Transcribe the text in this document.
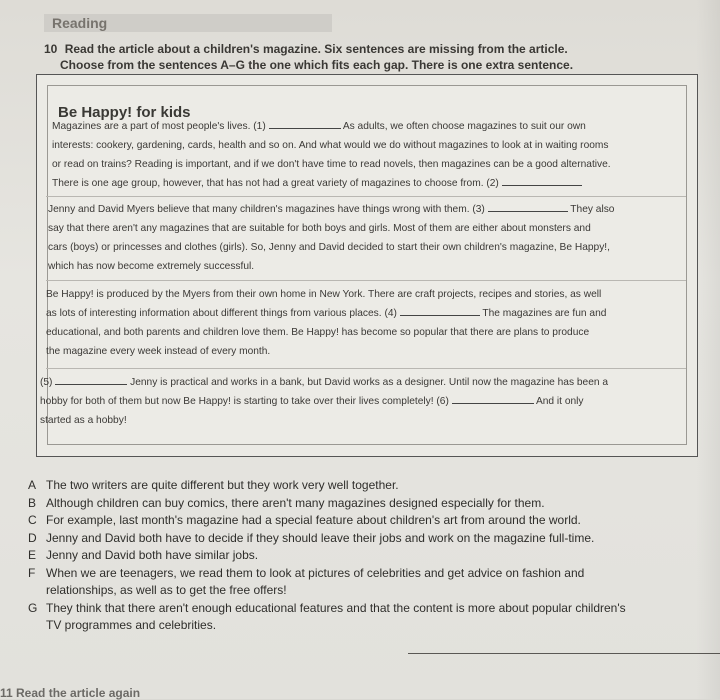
Reading
10 Read the article about a children's magazine. Six sentences are missing from the article.
Choose from the sentences A–G the one which fits each gap. There is one extra sentence.
Be Happy! for kids
Magazines are a part of most people's lives. (1)	As adults, we often choose magazines to suit our own
interests: cookery, gardening, cards, health and so on. And what would we do without magazines to look at in waiting rooms
or read on trains? Reading is important, and if we don't have time to read novels, then magazines can be a good alternative.
There is one age group, however, that has not had a great variety of magazines to choose from. (2)
Jenny and David Myers believe that many children's magazines have things wrong with them. (3)	They also
say that there aren't any magazines that are suitable for both boys and girls. Most of them are either about monsters and
cars (boys) or princesses and clothes (girls). So, Jenny and David decided to start their own children's magazine, Be Happy!,
which has now become extremely successful.
Be Happy! is produced by the Myers from their own home in New York. There are craft projects, recipes and stories, as well
as lots of interesting information about different things from various places. (4)	The magazines are fun and
educational, and both parents and children love them. Be Happy! has become so popular that there are plans to produce
the magazine every week instead of every month.
(5)	Jenny is practical and works in a bank, but David works as a designer. Until now the magazine has been a
hobby for both of them but now Be Happy! is starting to take over their lives completely! (6)	And it only
started as a hobby!
A The two writers are quite different but they work very well together.
B Although children can buy comics, there aren't many magazines designed especially for them.
C For example, last month's magazine had a special feature about children's art from around the world.
D Jenny and David both have to decide if they should leave their jobs and work on the magazine full-time.
E Jenny and David both have similar jobs.
F When we are teenagers, we read them to look at pictures of celebrities and get advice on fashion and relationships, as well as to get the free offers!
G They think that there aren't enough educational features and that the content is more about popular children's TV programmes and celebrities.
11 Read the article again
